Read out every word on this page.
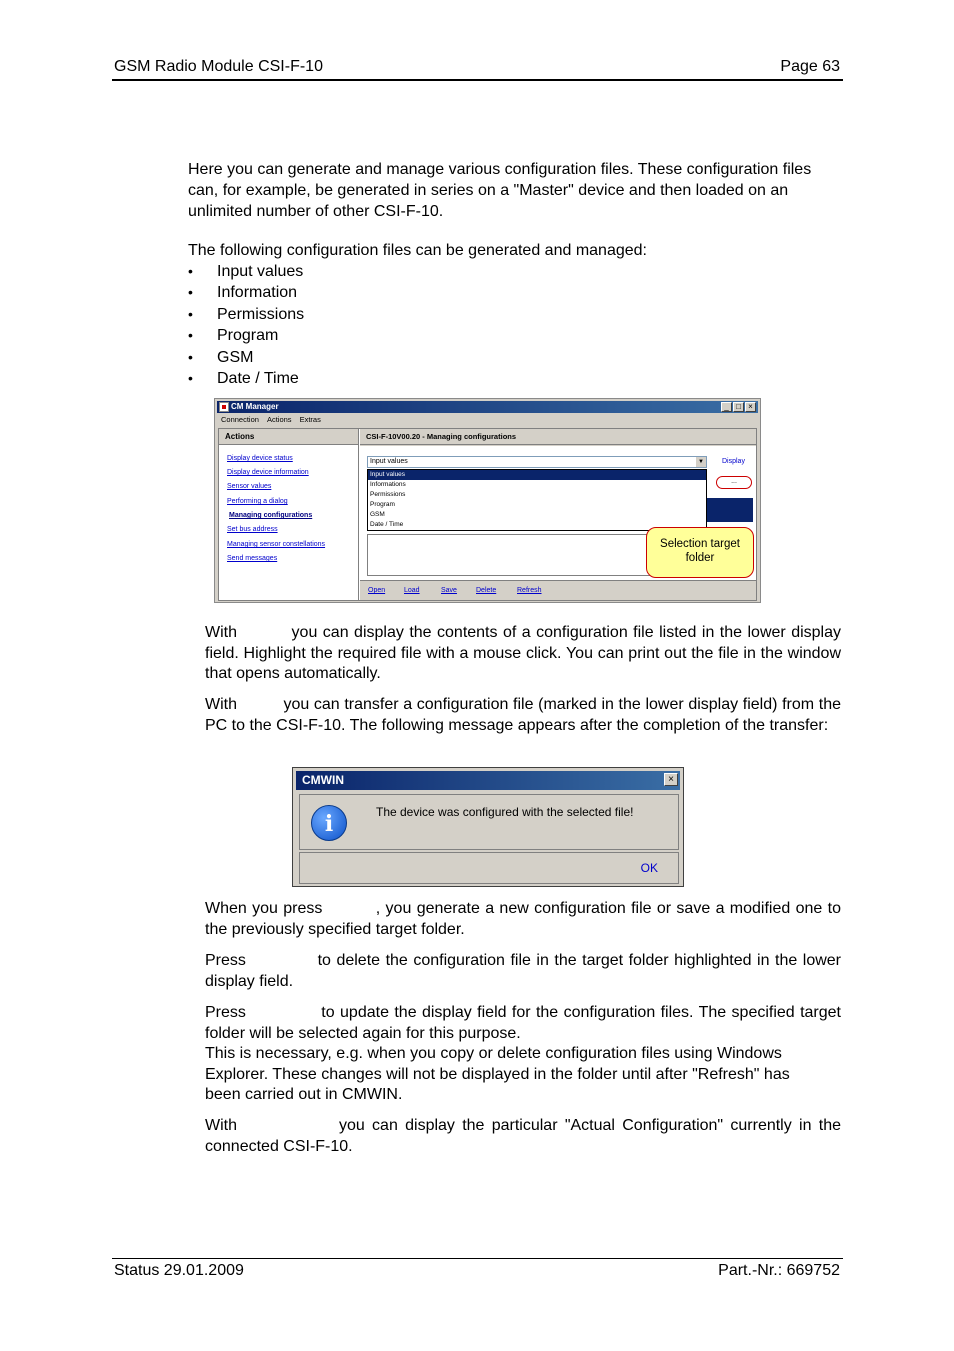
GSM Radio Module CSI-F-10	Page 63
Here you can generate and manage various configuration files. These configuration files can, for example, be generated in series on a "Master" device and then loaded on an unlimited number of other CSI-F-10.
The following configuration files can be generated and managed:
• Input values
• Information
• Permissions
• Program
• GSM
• Date / Time
CM Manager	_ □ ×
Connection Actions Extras
Actions
Display device status
Display device information
Sensor values
Performing a dialog
Managing configurations
Set bus address
Managing sensor constellations
Send messages
CSI-F-10V00.20 - Managing configurations
Input values	▼
Input values
Informations
Permissions
Program
GSM
Date / Time
Display
...
Open	Load	Save	Delete	Refresh
Selection target folder
With          you can display the contents of a configuration file listed in the lower display field. Highlight the required file with a mouse click. You can print out the file in the window that opens automatically.
With          you can transfer a configuration file (marked in the lower display field) from the PC to the CSI-F-10. The following message appears after the completion of the transfer:
CMWIN	×
i	The device was configured with the selected file!
OK
When you press          , you generate a new configuration file or save a modified one to the previously specified target folder.
Press             to delete the configuration file in the target folder highlighted in the lower display field.
Press              to update the display field for the configuration files. The specified target folder will be selected again for this purpose.
This is necessary, e.g. when you copy or delete configuration files using Windows Explorer. These changes will not be displayed in the folder until after "Refresh" has been carried out in CMWIN.
With              you can display the particular "Actual Configuration" currently in the connected CSI-F-10.
Status 29.01.2009	Part.-Nr.: 669752
